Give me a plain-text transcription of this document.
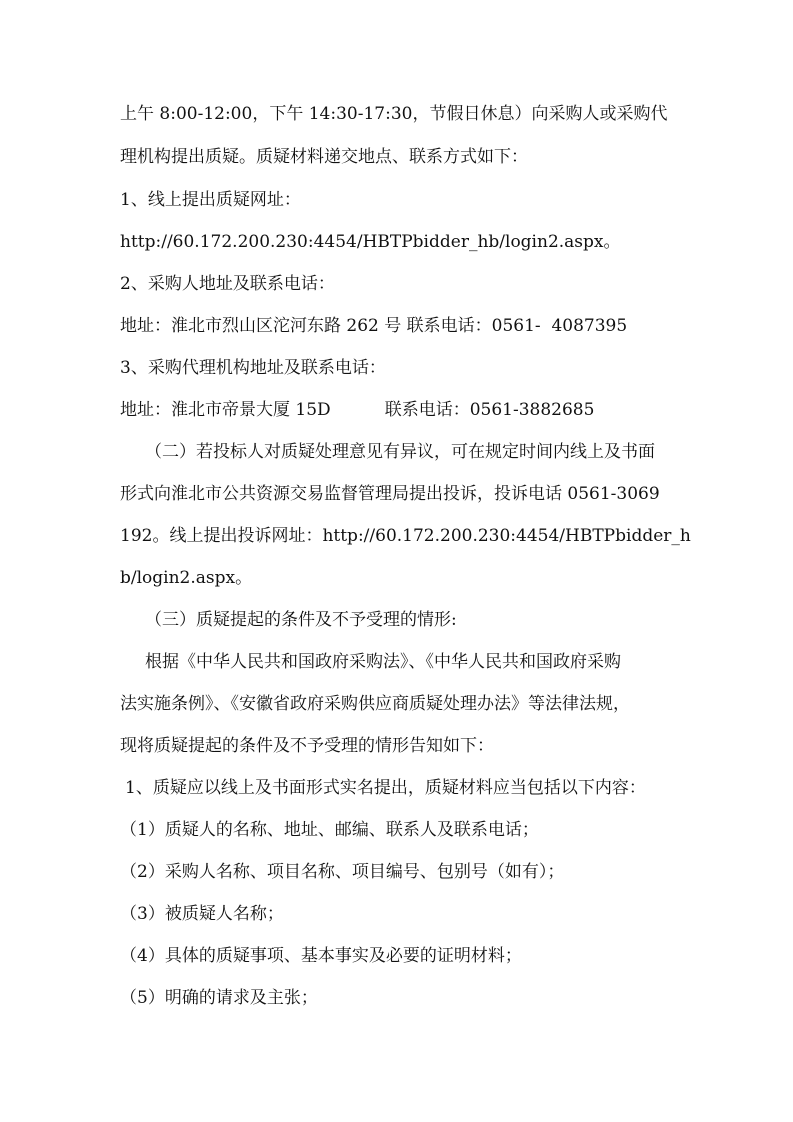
上午 8:00-12:00，下午 14:30-17:30，节假日休息）向采购人或采购代
理机构提出质疑。质疑材料递交地点、联系方式如下：
1、线上提出质疑网址：
http://60.172.200.230:4454/HBTPbidder_hb/login2.aspx。
2、采购人地址及联系电话：
地址：淮北市烈山区沱河东路 262 号 联系电话：0561-  4087395
3、采购代理机构地址及联系电话：
地址：淮北市帝景大厦 15D          联系电话：0561-3882685
（二）若投标人对质疑处理意见有异议，可在规定时间内线上及书面
形式向淮北市公共资源交易监督管理局提出投诉，投诉电话 0561-3069
192。线上提出投诉网址：http://60.172.200.230:4454/HBTPbidder_h
b/login2.aspx。
（三）质疑提起的条件及不予受理的情形:
根据《中华人民共和国政府采购法》、《中华人民共和国政府采购
法实施条例》、《安徽省政府采购供应商质疑处理办法》等法律法规，
现将质疑提起的条件及不予受理的情形告知如下：
1、质疑应以线上及书面形式实名提出，质疑材料应当包括以下内容：
（1）质疑人的名称、地址、邮编、联系人及联系电话；
（2）采购人名称、项目名称、项目编号、包别号（如有）；
（3）被质疑人名称；
（4）具体的质疑事项、基本事实及必要的证明材料；
（5）明确的请求及主张；
